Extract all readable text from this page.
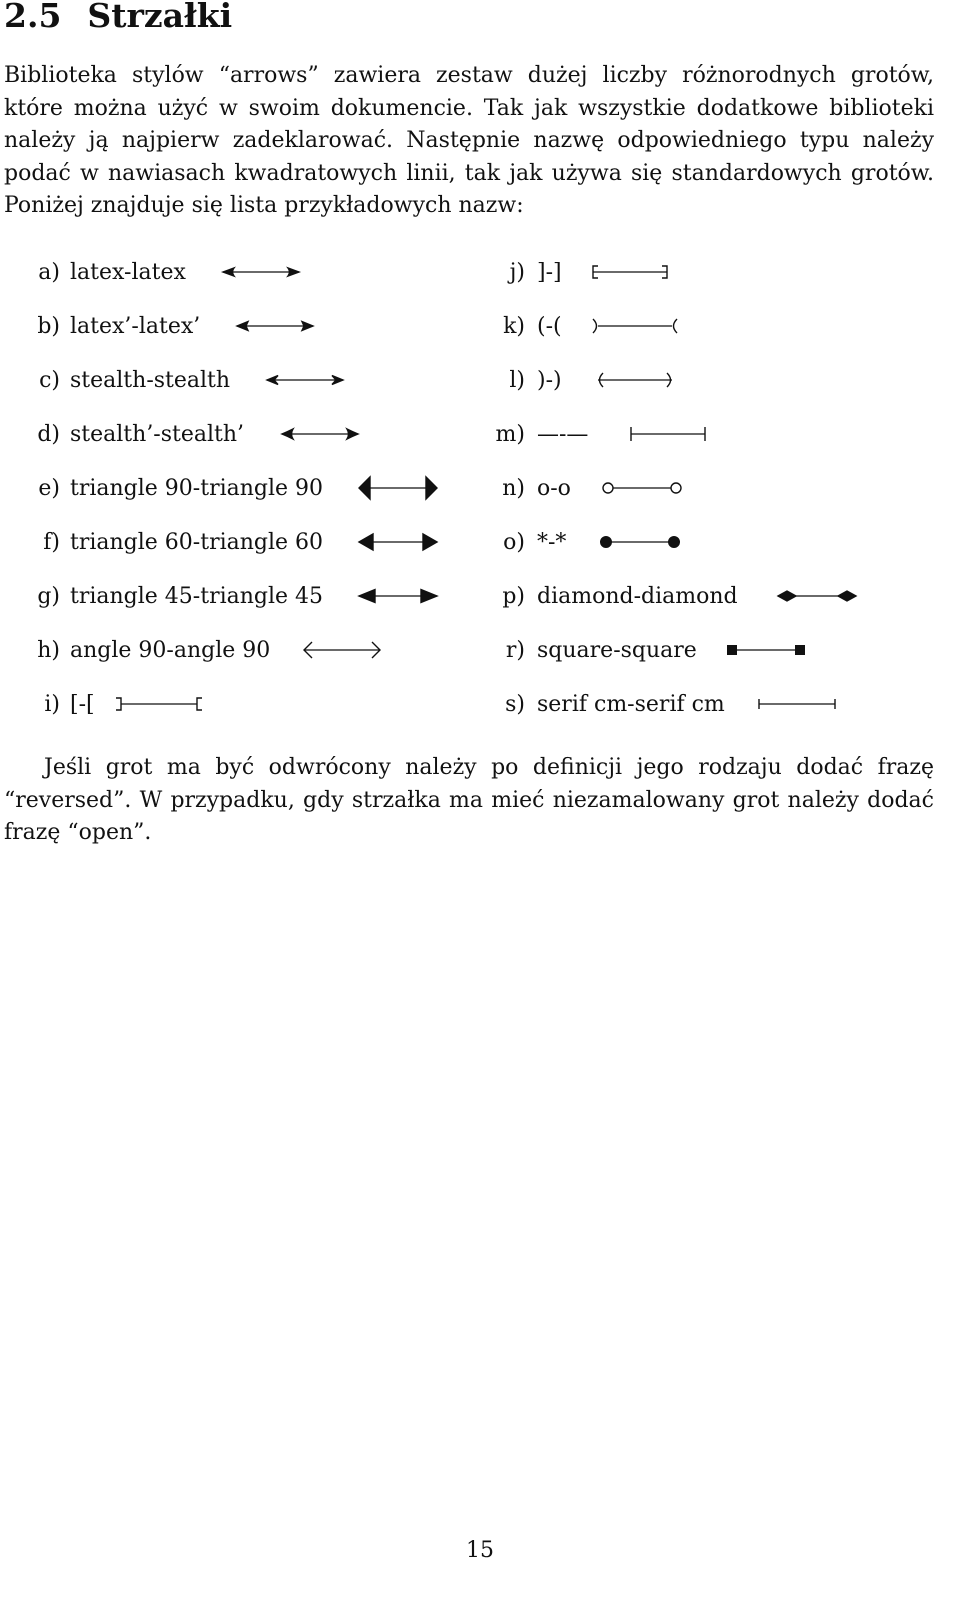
2.5 Strzałki

Biblioteka stylów “arrows” zawiera zestaw dużej liczby różnorodnych grotów, które można użyć w swoim dokumencie. Tak jak wszystkie dodatkowe biblioteki należy ją najpierw zadeklarować. Następnie nazwę odpowiedniego typu należy podać w nawiasach kwadratowych linii, tak jak używa się standardowych grotów. Poniżej znajduje się lista przykładowych nazw:

a) latex-latex
b) latex’-latex’
c) stealth-stealth
d) stealth’-stealth’
e) triangle 90-triangle 90
f) triangle 60-triangle 60
g) triangle 45-triangle 45
h) angle 90-angle 90
i) [-[
j) ]-]
k) (-(
l) )-)
m) —-—
n) o-o
o) *-*
p) diamond-diamond
r) square-square
s) serif cm-serif cm

Jeśli grot ma być odwrócony należy po definicji jego rodzaju dodać frazę “reversed”. W przypadku, gdy strzałka ma mieć niezamalowany grot należy dodać frazę “open”.

15
